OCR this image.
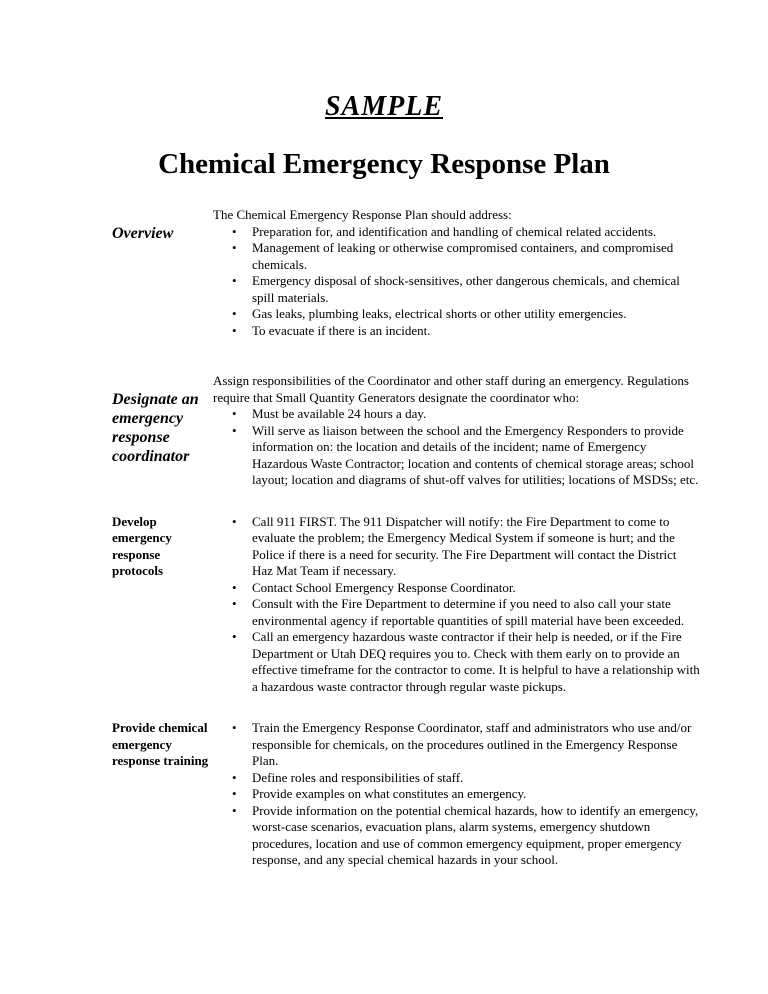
SAMPLE
Chemical Emergency Response Plan
Overview

The Chemical Emergency Response Plan should address:

• Preparation for, and identification and handling of chemical related accidents.
• Management of leaking or otherwise compromised containers, and compromised chemicals.
• Emergency disposal of shock-sensitives, other dangerous chemicals, and chemical spill materials.
• Gas leaks, plumbing leaks, electrical shorts or other utility emergencies.
• To evacuate if there is an incident.
Designate an emergency response coordinator

Assign responsibilities of the Coordinator and other staff during an emergency. Regulations require that Small Quantity Generators designate the coordinator who:

• Must be available 24 hours a day.
• Will serve as liaison between the school and the Emergency Responders to provide information on: the location and details of the incident; name of Emergency Hazardous Waste Contractor; location and contents of chemical storage areas; school layout; location and diagrams of shut-off valves for utilities; locations of MSDSs; etc.
Develop emergency response protocols
• Call 911 FIRST. The 911 Dispatcher will notify: the Fire Department to come to evaluate the problem; the Emergency Medical System if someone is hurt; and the Police if there is a need for security. The Fire Department will contact the District Haz Mat Team if necessary.
• Contact School Emergency Response Coordinator.
• Consult with the Fire Department to determine if you need to also call your state environmental agency if reportable quantities of spill material have been exceeded.
• Call an emergency hazardous waste contractor if their help is needed, or if the Fire Department or Utah DEQ requires you to. Check with them early on to provide an effective timeframe for the contractor to come. It is helpful to have a relationship with a hazardous waste contractor through regular waste pickups.
Provide chemical emergency response training
• Train the Emergency Response Coordinator, staff and administrators who use and/or responsible for chemicals, on the procedures outlined in the Emergency Response Plan.
• Define roles and responsibilities of staff.
• Provide examples on what constitutes an emergency.
• Provide information on the potential chemical hazards, how to identify an emergency, worst-case scenarios, evacuation plans, alarm systems, emergency shutdown procedures, location and use of common emergency equipment, proper emergency response, and any special chemical hazards in your school.
